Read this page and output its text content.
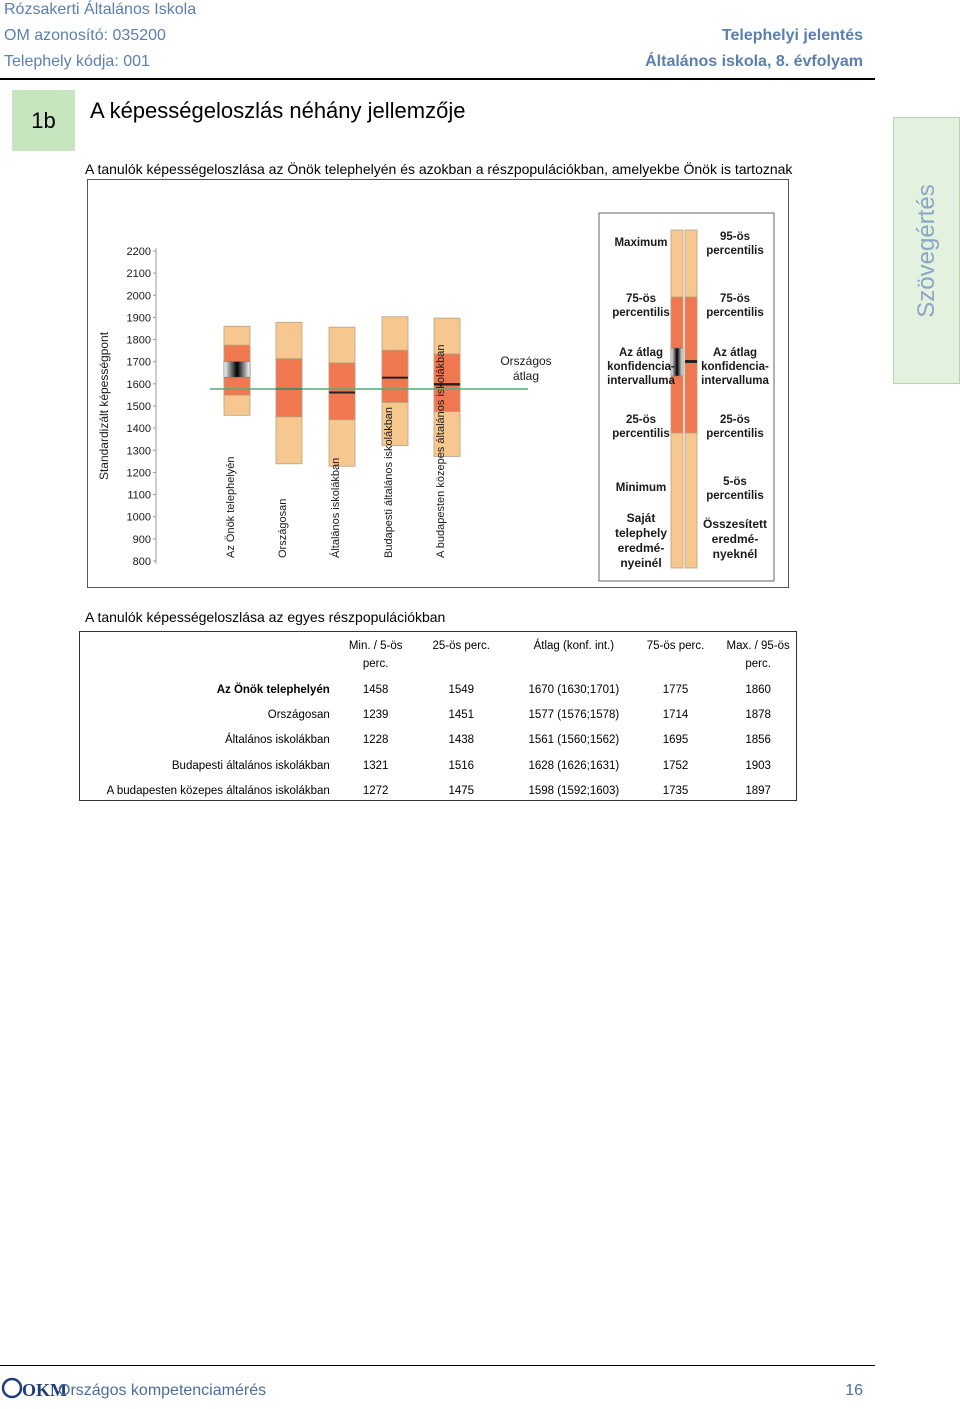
Rózsakerti Általános Iskola
OM azonosító: 035200
Telephely kódja: 001
Telephelyi jelentés
Általános iskola, 8. évfolyam
1b	A képességeloszlás néhány jellemzője
Szövegértés
A tanulók képességeloszlása az Önök telephelyén és azokban a részpopulációkban, amelyekbe Önök is tartoznak
Standardizált képességpont
800
900
1000
1100
1200
1300
1400
1500
1600
1700
1800
1900
2000
2100
2200
Az Önök telephelyén	Országosan	Általános iskolákban	Budapesti általános iskolákban	A budapesten közepes általános iskolákban	Országos
átlag
Maximum
75-ös
percentilis
Az átlag
konfidencia-
intervalluma
25-ös
percentilis
Minimum
95-ös
percentilis
75-ös
percentilis
Az átlag
konfidencia-
intervalluma
25-ös
percentilis
5-ös
percentilis
Saját
telephely
eredmé-
nyeinél
Összesített
eredmé-
nyeknél
A tanulók képességeloszlása az egyes részpopulációkban
	Min. / 5-ös perc.	25-ös perc.	Átlag (konf. int.)	75-ös perc.	Max. / 95-ös perc.
Az Önök telephelyén	1458	1549	1670 (1630;1701)	1775	1860
Országosan	1239	1451	1577 (1576;1578)	1714	1878
Általános iskolákban	1228	1438	1561 (1560;1562)	1695	1856
Budapesti általános iskolákban	1321	1516	1628 (1626;1631)	1752	1903
A budapesten közepes általános iskolákban	1272	1475	1598 (1592;1603)	1735	1897
OKM
Országos kompetenciamérés	16
